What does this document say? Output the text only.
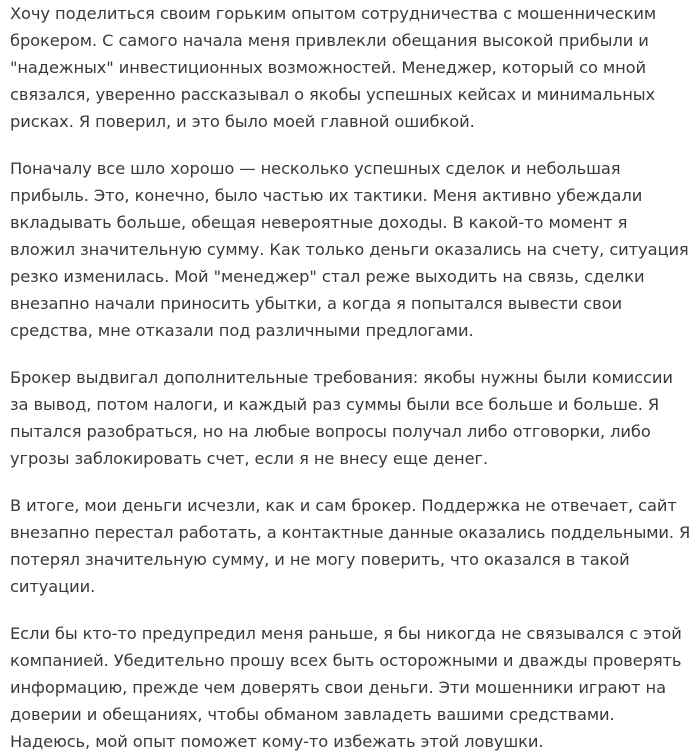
Хочу поделиться своим горьким опытом сотрудничества с мошенническим брокером. С самого начала меня привлекли обещания высокой прибыли и "надежных" инвестиционных возможностей. Менеджер, который со мной связался, уверенно рассказывал о якобы успешных кейсах и минимальных рисках. Я поверил, и это было моей главной ошибкой.

Поначалу все шло хорошо — несколько успешных сделок и небольшая прибыль. Это, конечно, было частью их тактики. Меня активно убеждали вкладывать больше, обещая невероятные доходы. В какой-то момент я вложил значительную сумму. Как только деньги оказались на счету, ситуация резко изменилась. Мой "менеджер" стал реже выходить на связь, сделки внезапно начали приносить убытки, а когда я попытался вывести свои средства, мне отказали под различными предлогами.

Брокер выдвигал дополнительные требования: якобы нужны были комиссии за вывод, потом налоги, и каждый раз суммы были все больше и больше. Я пытался разобраться, но на любые вопросы получал либо отговорки, либо угрозы заблокировать счет, если я не внесу еще денег.

В итоге, мои деньги исчезли, как и сам брокер. Поддержка не отвечает, сайт внезапно перестал работать, а контактные данные оказались поддельными. Я потерял значительную сумму, и не могу поверить, что оказался в такой ситуации.

Если бы кто-то предупредил меня раньше, я бы никогда не связывался с этой компанией. Убедительно прошу всех быть осторожными и дважды проверять информацию, прежде чем доверять свои деньги. Эти мошенники играют на доверии и обещаниях, чтобы обманом завладеть вашими средствами. Надеюсь, мой опыт поможет кому-то избежать этой ловушки.
